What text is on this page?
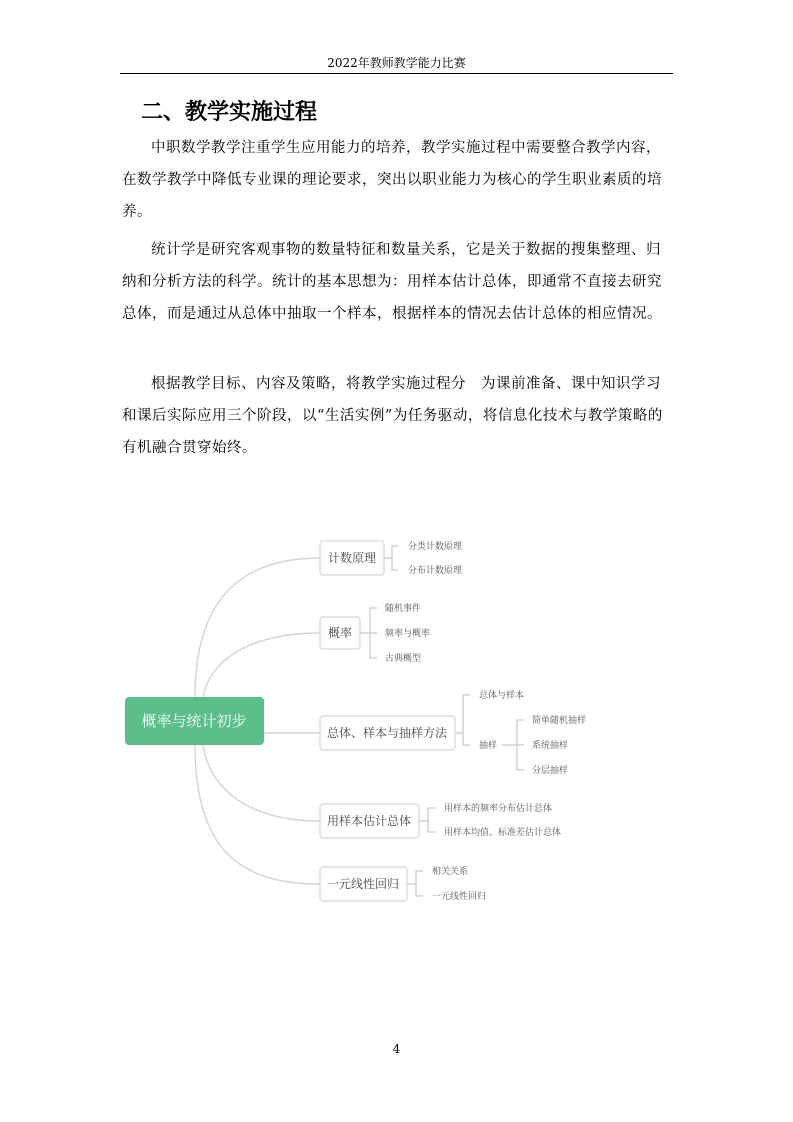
2022年教师教学能力比赛
二、教学实施过程

中职数学教学注重学生应用能力的培养，教学实施过程中需要整合教学内容，在数学教学中降低专业课的理论要求，突出以职业能力为核心的学生职业素质的培养。

统计学是研究客观事物的数量特征和数量关系，它是关于数据的搜集整理、归纳和分析方法的科学。统计的基本思想为：用样本估计总体，即通常不直接去研究总体，而是通过从总体中抽取一个样本，根据样本的情况去估计总体的相应情况。

根据教学目标、内容及策略，将教学实施过程分　为课前准备、课中知识学习和课后实际应用三个阶段，以“生活实例”为任务驱动，将信息化技术与教学策略的有机融合贯穿始终。

概率与统计初步
计数原理
分类计数原理
分布计数原理
概率
随机事件
频率与概率
古典概型
总体、样本与抽样方法
总体与样本
抽样
简单随机抽样
系统抽样
分层抽样
用样本估计总体
用样本的频率分布估计总体
用样本均值、标准差估计总体
一元线性回归
相关关系
一元线性回归
4
